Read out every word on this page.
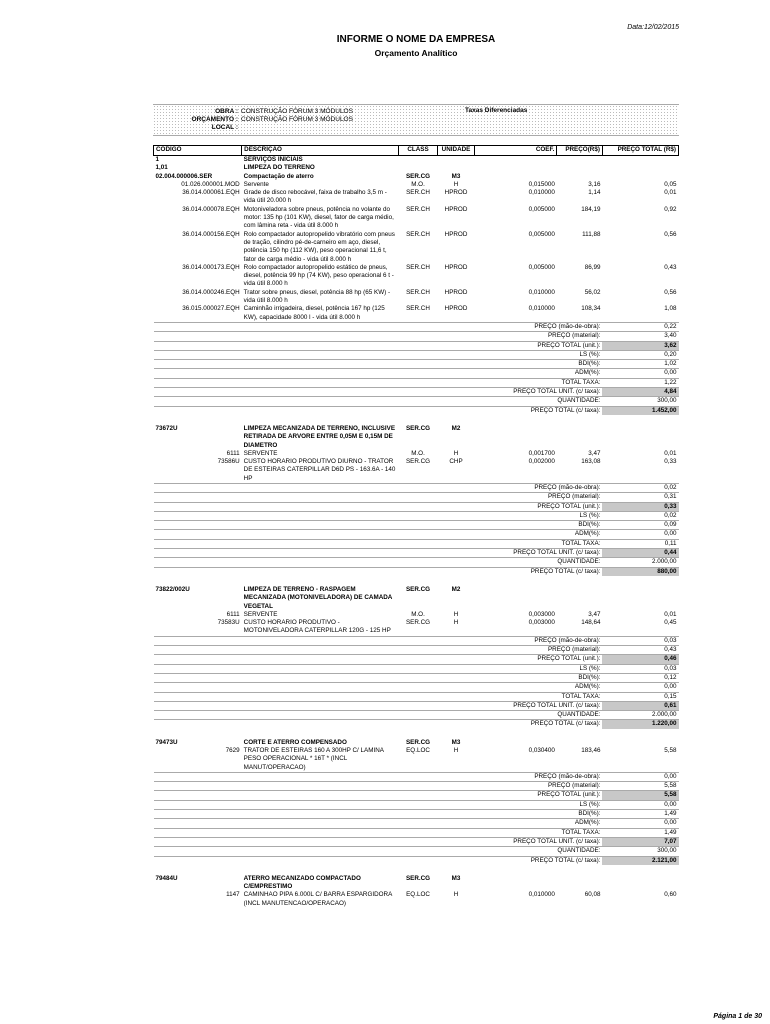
Data:12/02/2015
INFORME O NOME DA EMPRESA
Orçamento Analítico
OBRA : CONSTRUÇÃO FÓRUM 3 MÓDULOS
ORÇAMENTO : CONSTRUÇÃO FÓRUM 3 MÓDULOS
LOCAL :
Taxas Diferenciadas
CÓDIGO	DESCRIÇÃO	CLASS	UNIDADE	COEF.	PREÇO(R$)	PREÇO TOTAL (R$)
1	SERVIÇOS INICIAIS					
1,01	LIMPEZA DO TERRENO					
02.004.000006.SER	Compactação de aterro	SER.CG	M3			
01.026.000001.MOD	Servente	M.O.	H	0,015000	3,16	0,05
36.014.000061.EQH	Grade de disco rebocável, faixa de trabalho 3,5 m - vida útil 20.000 h	SER.CH	HPROD	0,010000	1,14	0,01
36.014.000078.EQH	Motoniveladora sobre pneus, potência no volante do motor: 135 hp (101 KW), diesel, fator de carga médio, com lâmina reta - vida útil 8.000 h	SER.CH	HPROD	0,005000	184,19	0,92
36.014.000156.EQH	Rolo compactador autopropelido vibratório com pneus de tração, cilindro pé-de-carneiro em aço, diesel, potência 150 hp (112 KW), peso operacional 11,6 t, fator de carga médio - vida útil 8.000 h	SER.CH	HPROD	0,005000	111,88	0,56
36.014.000173.EQH	Rolo compactador autopropelido estático de pneus, diesel, potência 99 hp (74 KW), peso operacional 6 t - vida útil 8.000 h	SER.CH	HPROD	0,005000	86,99	0,43
36.014.000246.EQH	Trator sobre pneus, diesel, potência 88 hp (65 KW) - vida útil 8.000 h	SER.CH	HPROD	0,010000	56,02	0,56
36.015.000027.EQH	Caminhão irrigadeira, diesel, potência 167 hp (125 KW), capacidade 8000 l - vida útil 8.000 h	SER.CH	HPROD	0,010000	108,34	1,08
PREÇO (mão-de-obra):						0,22
PREÇO (material):						3,40
PREÇO TOTAL (unit.):						3,62
LS (%):						0,20
BDI(%):						1,02
ADM(%):						0,00
TOTAL TAXA:						1,22
PREÇO TOTAL UNIT. (c/ taxa):						4,84
QUANTIDADE:						300,00
PREÇO TOTAL (c/ taxa):						1.452,00

73672U	LIMPEZA MECANIZADA DE TERRENO, INCLUSIVE RETIRADA DE ARVORE ENTRE 0,05M E 0,15M DE DIAMETRO	SER.CG	M2			
6111	SERVENTE	M.O.	H	0,001700	3,47	0,01
73586U	CUSTO HORARIO PRODUTIVO DIURNO - TRATOR DE ESTEIRAS CATERPILLAR D6D PS - 163.6A - 140 HP	SER.CG	CHP	0,002000	163,08	0,33
PREÇO (mão-de-obra):						0,02
PREÇO (material):						0,31
PREÇO TOTAL (unit.):						0,33
LS (%):						0,02
BDI(%):						0,09
ADM(%):						0,00
TOTAL TAXA:						0,11
PREÇO TOTAL UNIT. (c/ taxa):						0,44
QUANTIDADE:						2.000,00
PREÇO TOTAL (c/ taxa):						880,00

73822/002U	LIMPEZA DE TERRENO - RASPAGEM MECANIZADA (MOTONIVELADORA) DE CAMADA VEGETAL	SER.CG	M2			
6111	SERVENTE	M.O.	H	0,003000	3,47	0,01
73583U	CUSTO HORARIO PRODUTIVO - MOTONIVELADORA CATERPILLAR 120G - 125 HP	SER.CG	H	0,003000	148,64	0,45
PREÇO (mão-de-obra):						0,03
PREÇO (material):						0,43
PREÇO TOTAL (unit.):						0,46
LS (%):						0,03
BDI(%):						0,12
ADM(%):						0,00
TOTAL TAXA:						0,15
PREÇO TOTAL UNIT. (c/ taxa):						0,61
QUANTIDADE:						2.000,00
PREÇO TOTAL (c/ taxa):						1.220,00

79473U	CORTE E ATERRO COMPENSADO	SER.CG	M3			
7629	TRATOR DE ESTEIRAS 160 A 300HP C/ LAMINA PESO OPERACIONAL * 16T * (INCL MANUT/OPERACAO)	EQ.LOC	H	0,030400	183,46	5,58
PREÇO (mão-de-obra):						0,00
PREÇO (material):						5,58
PREÇO TOTAL (unit.):						5,58
LS (%):						0,00
BDI(%):						1,49
ADM(%):						0,00
TOTAL TAXA:						1,49
PREÇO TOTAL UNIT. (c/ taxa):						7,07
QUANTIDADE:						300,00
PREÇO TOTAL (c/ taxa):						2.121,00

79484U	ATERRO MECANIZADO COMPACTADO C/EMPRESTIMO	SER.CG	M3			
1147	CAMINHAO PIPA 6.000L C/ BARRA ESPARGIDORA (INCL MANUTENCAO/OPERACAO)	EQ.LOC	H	0,010000	60,08	0,60
Página 1 de 30
